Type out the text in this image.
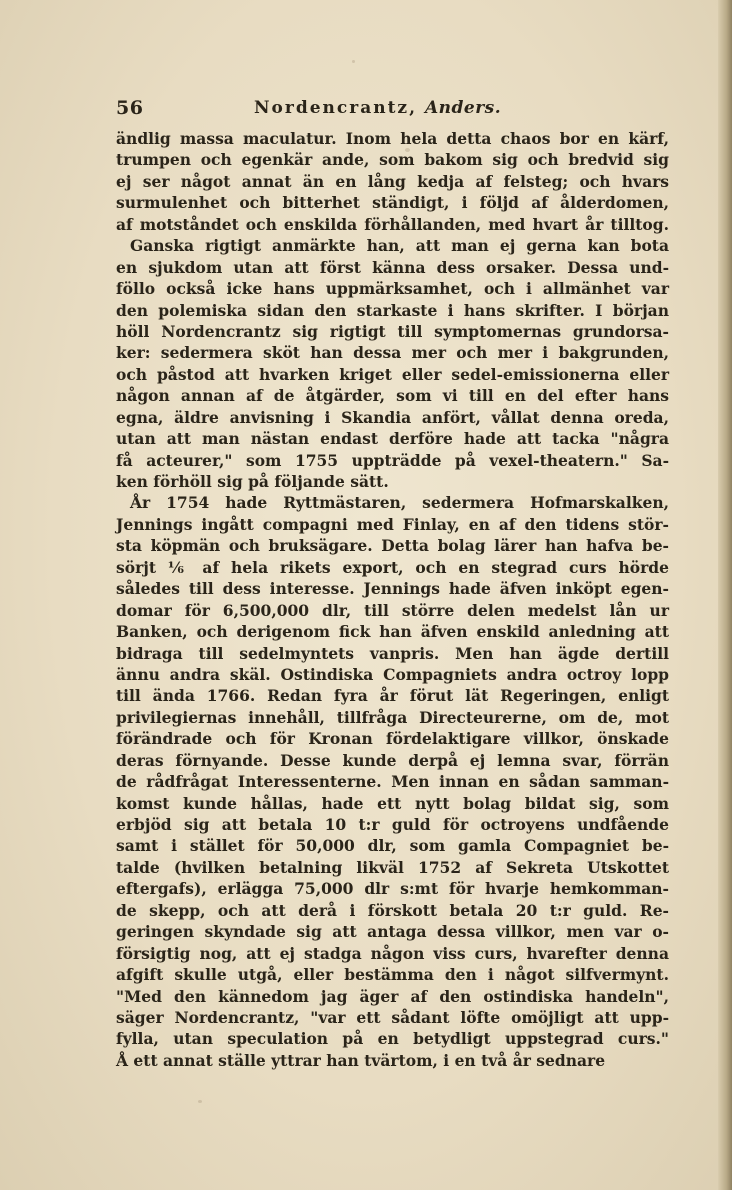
56	Nordencrantz, Anders.
ändlig massa maculatur. Inom hela detta chaos bor en kärf,
trumpen och egenkär ande, som bakom sig och bredvid sig
ej ser något annat än en lång kedja af felsteg; och hvars
surmulenhet och bitterhet ständigt, i följd af ålderdomen,
af motståndet och enskilda förhållanden, med hvart år tilltog.
Ganska rigtigt anmärkte han, att man ej gerna kan bota
en sjukdom utan att först känna dess orsaker. Dessa und-
föllo också icke hans uppmärksamhet, och i allmänhet var
den polemiska sidan den starkaste i hans skrifter. I början
höll Nordencrantz sig rigtigt till symptomernas grundorsa-
ker: sedermera sköt han dessa mer och mer i bakgrunden,
och påstod att hvarken kriget eller sedel-emissionerna eller
någon annan af de åtgärder, som vi till en del efter hans
egna, äldre anvisning i Skandia anfört, vållat denna oreda,
utan att man nästan endast derföre hade att tacka "några
få acteurer," som 1755 uppträdde på vexel-theatern." Sa-
ken förhöll sig på följande sätt.
År 1754 hade Ryttmästaren, sedermera Hofmarskalken,
Jennings ingått compagni med Finlay, en af den tidens stör-
sta köpmän och bruksägare. Detta bolag lärer han hafva be-
sörjt ⅙ af hela rikets export, och en stegrad curs hörde
således till dess interesse. Jennings hade äfven inköpt egen-
domar för 6,500,000 dlr, till större delen medelst lån ur
Banken, och derigenom fick han äfven enskild anledning att
bidraga till sedelmyntets vanpris. Men han ägde dertill
ännu andra skäl. Ostindiska Compagniets andra octroy lopp
till ända 1766. Redan fyra år förut lät Regeringen, enligt
privilegiernas innehåll, tillfråga Directeurerne, om de, mot
förändrade och för Kronan fördelaktigare villkor, önskade
deras förnyande. Desse kunde derpå ej lemna svar, förrän
de rådfrågat Interessenterne. Men innan en sådan samman-
komst kunde hållas, hade ett nytt bolag bildat sig, som
erbjöd sig att betala 10 t:r guld för octroyens undfående
samt i stället för 50,000 dlr, som gamla Compagniet be-
talde (hvilken betalning likväl 1752 af Sekreta Utskottet
eftergafs), erlägga 75,000 dlr s:mt för hvarje hemkomman-
de skepp, och att derå i förskott betala 20 t:r guld. Re-
geringen skyndade sig att antaga dessa villkor, men var o-
försigtig nog, att ej stadga någon viss curs, hvarefter denna
afgift skulle utgå, eller bestämma den i något silfvermynt.
"Med den kännedom jag äger af den ostindiska handeln",
säger Nordencrantz, "var ett sådant löfte omöjligt att upp-
fylla, utan speculation på en betydligt uppstegrad curs."
Å ett annat ställe yttrar han tvärtom, i en två år sednare
